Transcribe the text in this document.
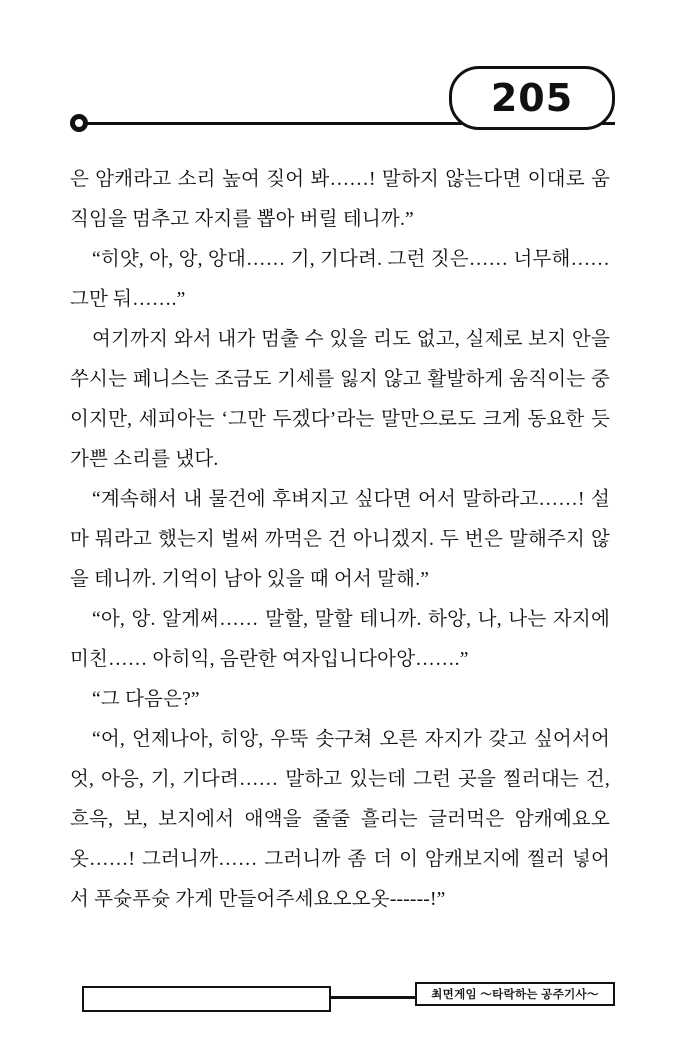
205

은 암캐라고 소리 높여 짖어 봐……! 말하지 않는다면 이대로 움직임을 멈추고 자지를 뽑아 버릴 테니까.”

“히얏, 아, 앙, 앙대…… 기, 기다려. 그런 짓은…… 너무해…… 그만 둬…….”

여기까지 와서 내가 멈출 수 있을 리도 없고, 실제로 보지 안을 쑤시는 페니스는 조금도 기세를 잃지 않고 활발하게 움직이는 중이지만, 세피아는 ‘그만 두겠다’라는 말만으로도 크게 동요한 듯 가쁜 소리를 냈다.

“계속해서 내 물건에 후벼지고 싶다면 어서 말하라고……! 설마 뭐라고 했는지 벌써 까먹은 건 아니겠지. 두 번은 말해주지 않을 테니까. 기억이 남아 있을 때 어서 말해.”

“아, 앙. 알게써…… 말할, 말할 테니까. 하앙, 나, 나는 자지에 미친…… 아히익, 음란한 여자입니다아앙…….”

“그 다음은?”

“어, 언제나아, 히앙, 우뚝 솟구쳐 오른 자지가 갖고 싶어서어엇, 아응, 기, 기다려…… 말하고 있는데 그런 곳을 찔러대는 건, 흐윽, 보, 보지에서 애액을 줄줄 흘리는 글러먹은 암캐예요오옷……! 그러니까…… 그러니까 좀 더 이 암캐보지에 찔러 넣어서 푸슛푸슛 가게 만들어주세요오오옷------!”

최면게임 ～타락하는 공주기사～
